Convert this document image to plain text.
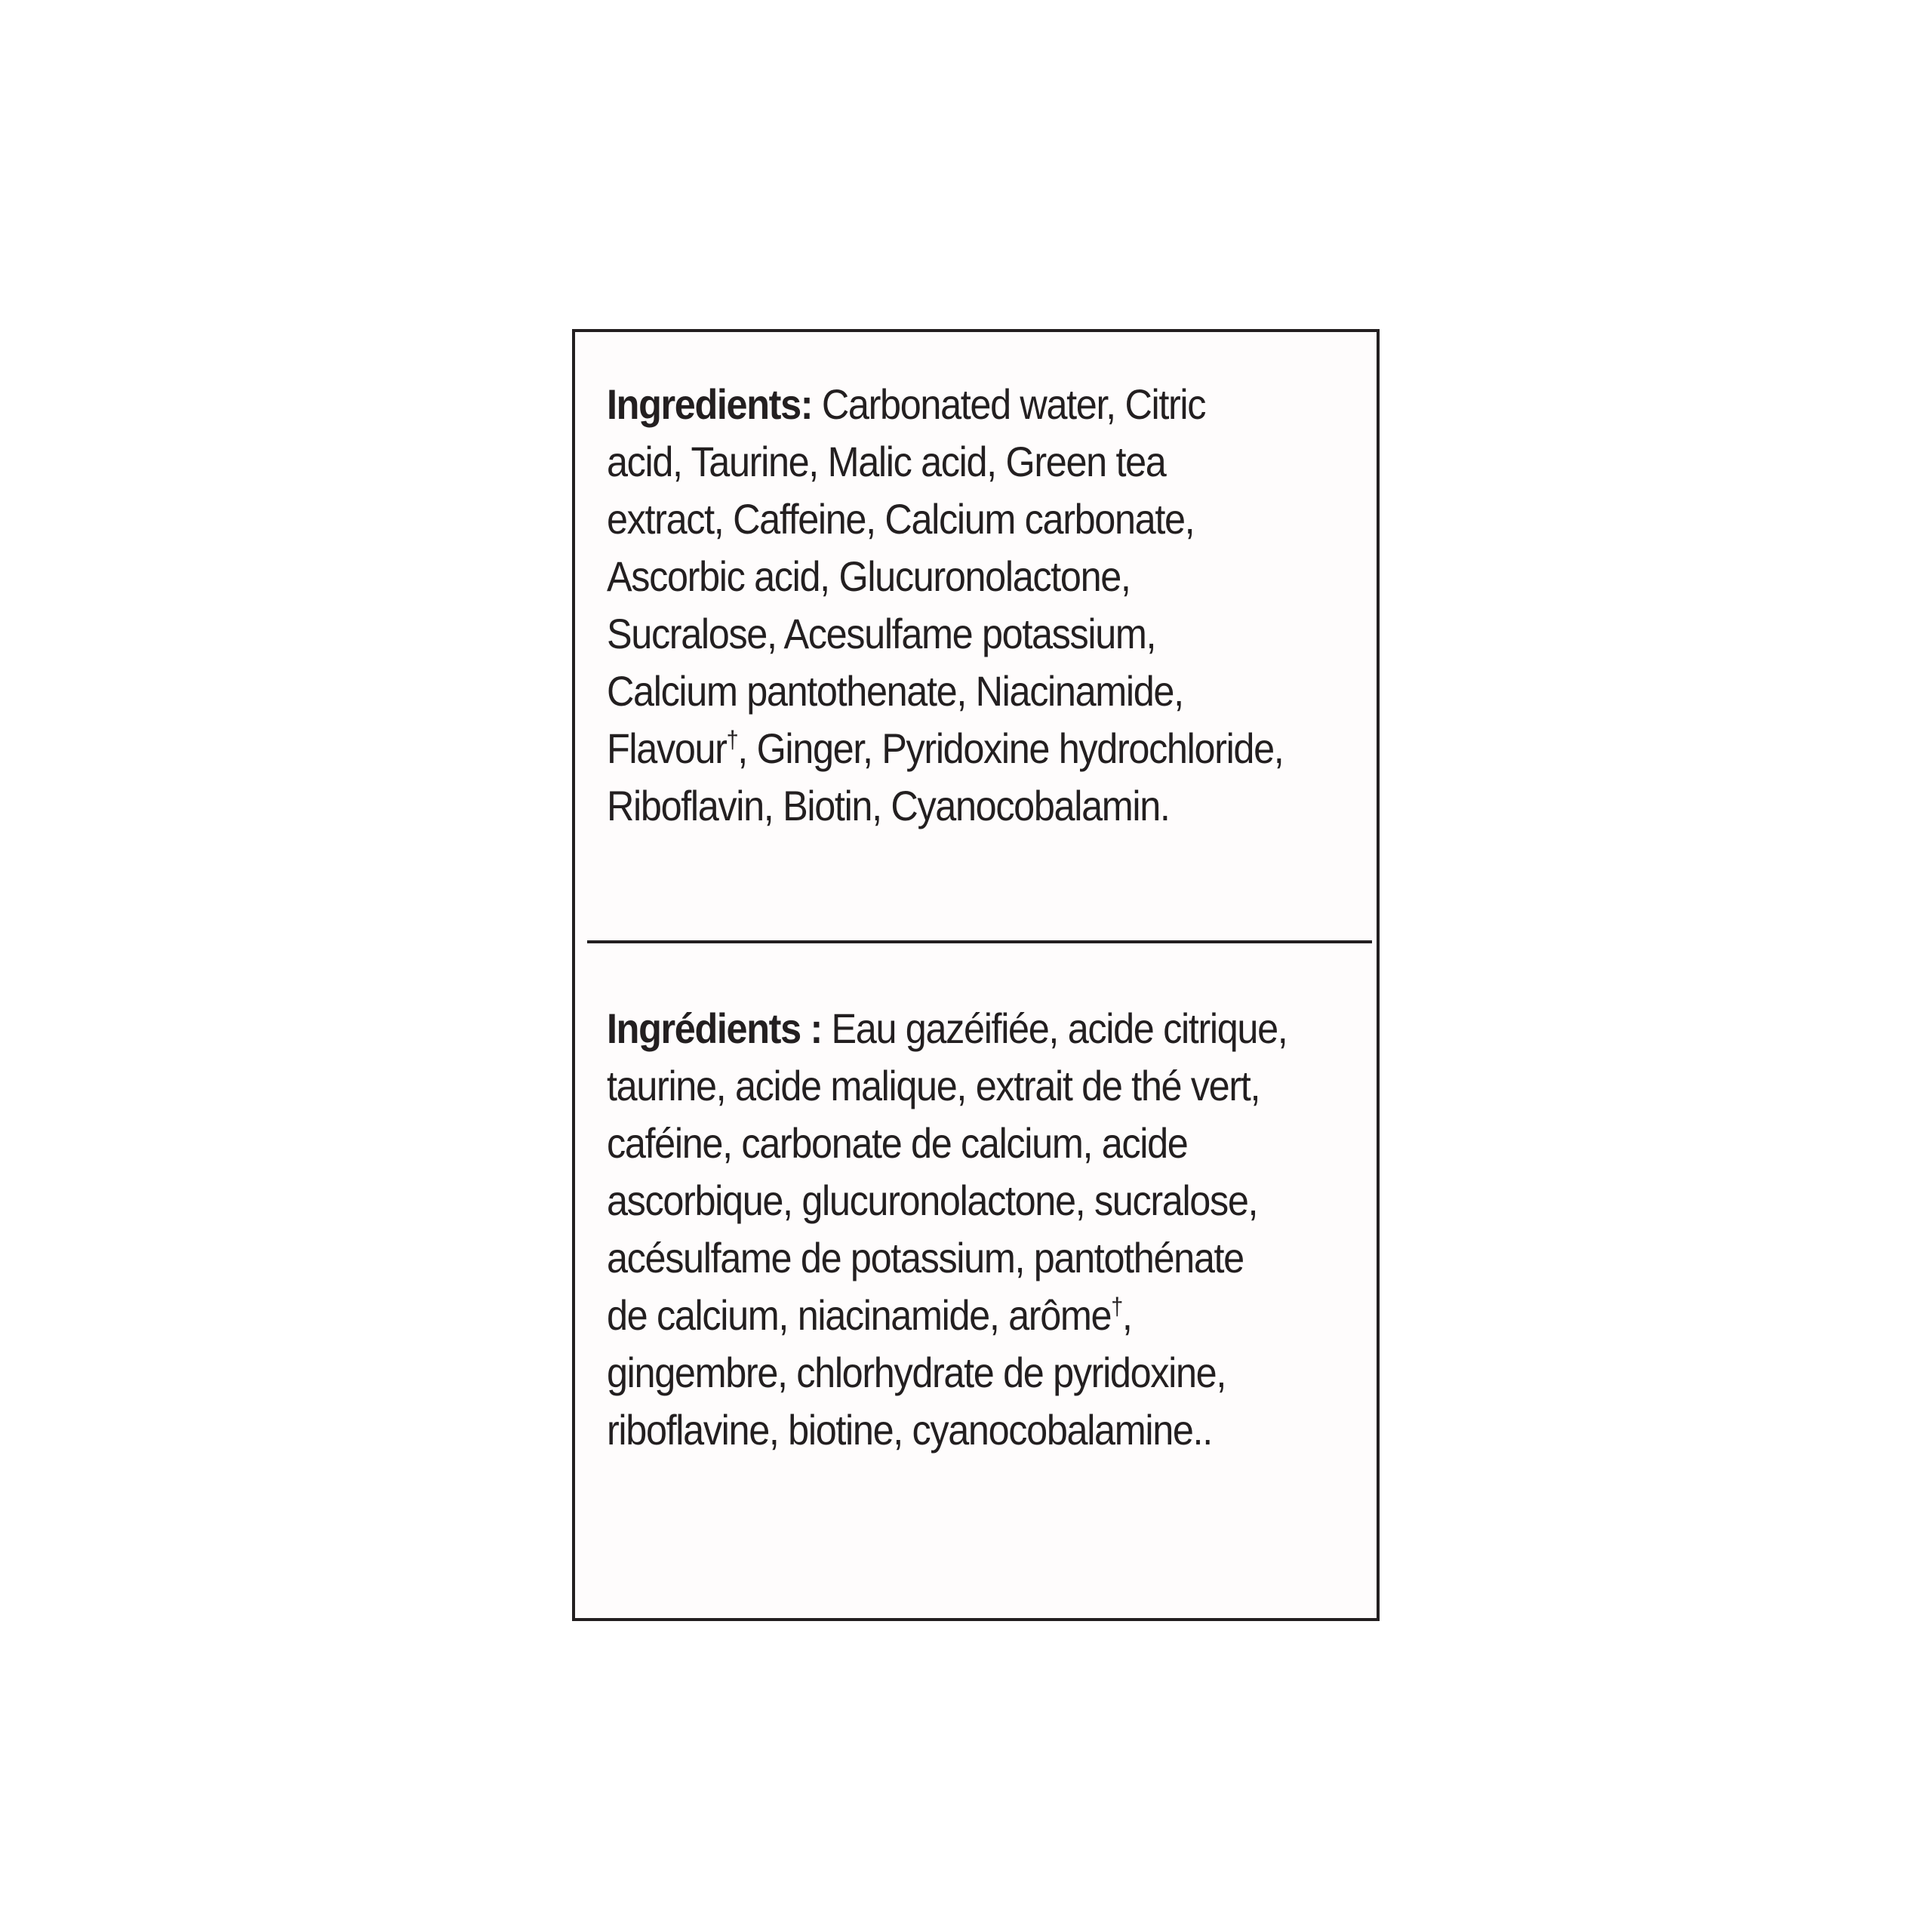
Ingredients: Carbonated water, Citric
acid, Taurine, Malic acid, Green tea
extract, Caffeine, Calcium carbonate,
Ascorbic acid, Glucuronolactone,
Sucralose, Acesulfame potassium,
Calcium pantothenate, Niacinamide,
Flavour†, Ginger, Pyridoxine hydrochloride,
Riboflavin, Biotin, Cyanocobalamin.
Ingrédients : Eau gazéifiée, acide citrique,
taurine, acide malique, extrait de thé vert,
caféine, carbonate de calcium, acide
ascorbique, glucuronolactone, sucralose,
acésulfame de potassium, pantothénate
de calcium, niacinamide, arôme†,
gingembre, chlorhydrate de pyridoxine,
riboflavine, biotine, cyanocobalamine..
